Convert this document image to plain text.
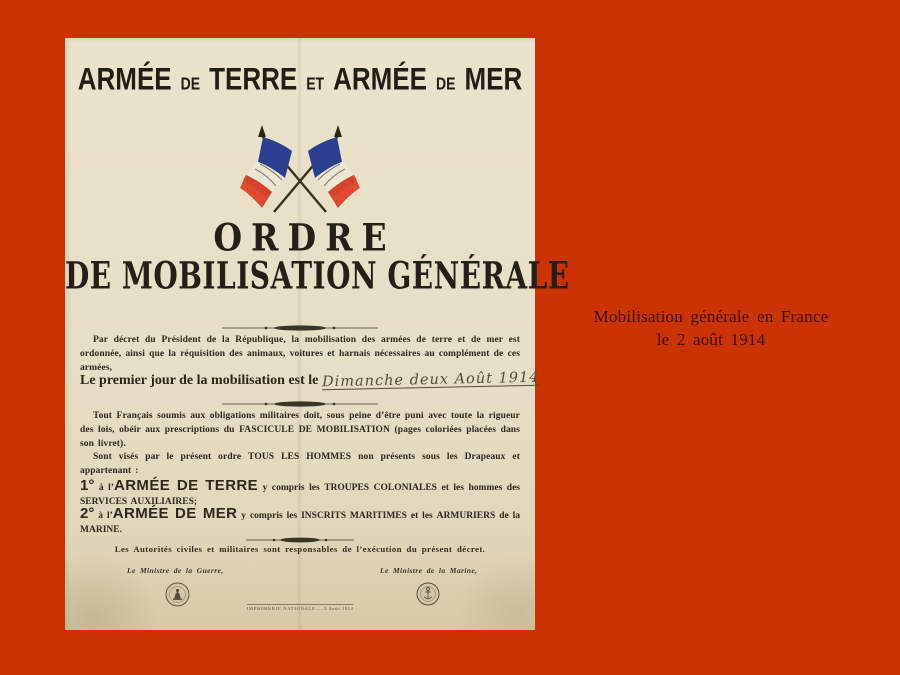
ARMÉE DE TERRE ET ARMÉE DE MER
ORDRE
DE MOBILISATION GÉNÉRALE
Par décret du Président de la République, la mobilisation des armées de terre et de mer est ordonnée, ainsi que la réquisition des animaux, voitures et harnais nécessaires au complément de ces armées,
Le premier jour de la mobilisation est le Dimanche deux Août 1914
Tout Français soumis aux obligations militaires doit, sous peine d’être puni avec toute la rigueur des lois, obéir aux prescriptions du FASCICULE DE MOBILISATION (pages coloriées placées dans son livret).
Sont visés par le présent ordre TOUS LES HOMMES non présents sous les Drapeaux et appartenant :
1° à l’ARMÉE DE TERRE y compris les TROUPES COLONIALES et les hommes des SERVICES AUXILIAIRES;
2° à l’ARMÉE DE MER y compris les INSCRITS MARITIMES et les ARMURIERS de la MARINE.
Les Autorités civiles et militaires sont responsables de l’exécution du présent décret.
Le Ministre de la Guerre,	Le Ministre de la Marine,
IMPRIMERIE NATIONALE — 3 Août 1914
Mobilisation générale en France
le 2 août 1914
